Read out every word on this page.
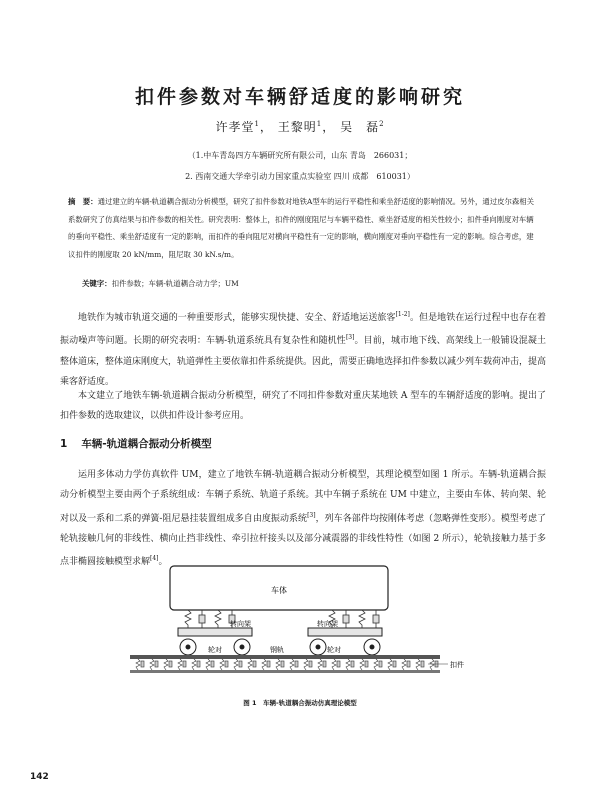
扣件参数对车辆舒适度的影响研究
许孝堂$^1$， 王黎明$^1$， 吴　磊$^2$
（1.中车青岛四方车辆研究所有限公司，山东 青岛　266031；
2. 西南交通大学牵引动力国家重点实验室 四川 成都　610031）
摘　要：通过建立的车辆-轨道耦合振动分析模型，研究了扣件参数对地铁A型车的运行平稳性和乘坐舒适度的影响情况。另外，通过皮尔森相关系数研究了仿真结果与扣件参数的相关性。研究表明：整体上，扣件的刚度阻尼与车辆平稳性、乘坐舒适度的相关性较小；扣件垂向刚度对车辆的垂向平稳性、乘坐舒适度有一定的影响，而扣件的垂向阻尼对横向平稳性有一定的影响，横向刚度对垂向平稳性有一定的影响。综合考虑，建议扣件的刚度取 20 kN/mm，阻尼取 30 kN.s/m。
关键字：扣件参数；车辆-轨道耦合动力学；UM
地铁作为城市轨道交通的一种重要形式，能够实现快捷、安全、舒适地运送旅客[1-2]。但是地铁在运行过程中也存在着振动噪声等问题。长期的研究表明：车辆-轨道系统具有复杂性和随机性[3]。目前，城市地下线、高架线上一般铺设混凝土整体道床，整体道床刚度大，轨道弹性主要依靠扣件系统提供。因此，需要正确地选择扣件参数以减少列车载荷冲击，提高乘客舒适度。
本文建立了地铁车辆-轨道耦合振动分析模型，研究了不同扣件参数对重庆某地铁 A 型车的车辆舒适度的影响。提出了扣件参数的选取建议，以供扣件设计参考应用。
1 车辆-轨道耦合振动分析模型
运用多体动力学仿真软件 UM，建立了地铁车辆-轨道耦合振动分析模型，其理论模型如图 1 所示。车辆-轨道耦合振动分析模型主要由两个子系统组成：车辆子系统、轨道子系统。其中车辆子系统在 UM 中建立，主要由车体、转向架、轮对以及一系和二系的弹簧-阻尼悬挂装置组成多自由度振动系统[3]，列车各部件均按刚体考虑（忽略弹性变形）。模型考虑了轮轨接触几何的非线性、横向止挡非线性、牵引拉杆接头以及部分减震器的非线性特性（如图 2 所示），轮轨接触力基于多点非椭圆接触模型求解[4]。
车体
转向架	转向架
轮对	轮对
钢轨
扣件
图 1　车辆-轨道耦合振动仿真理论模型
142
